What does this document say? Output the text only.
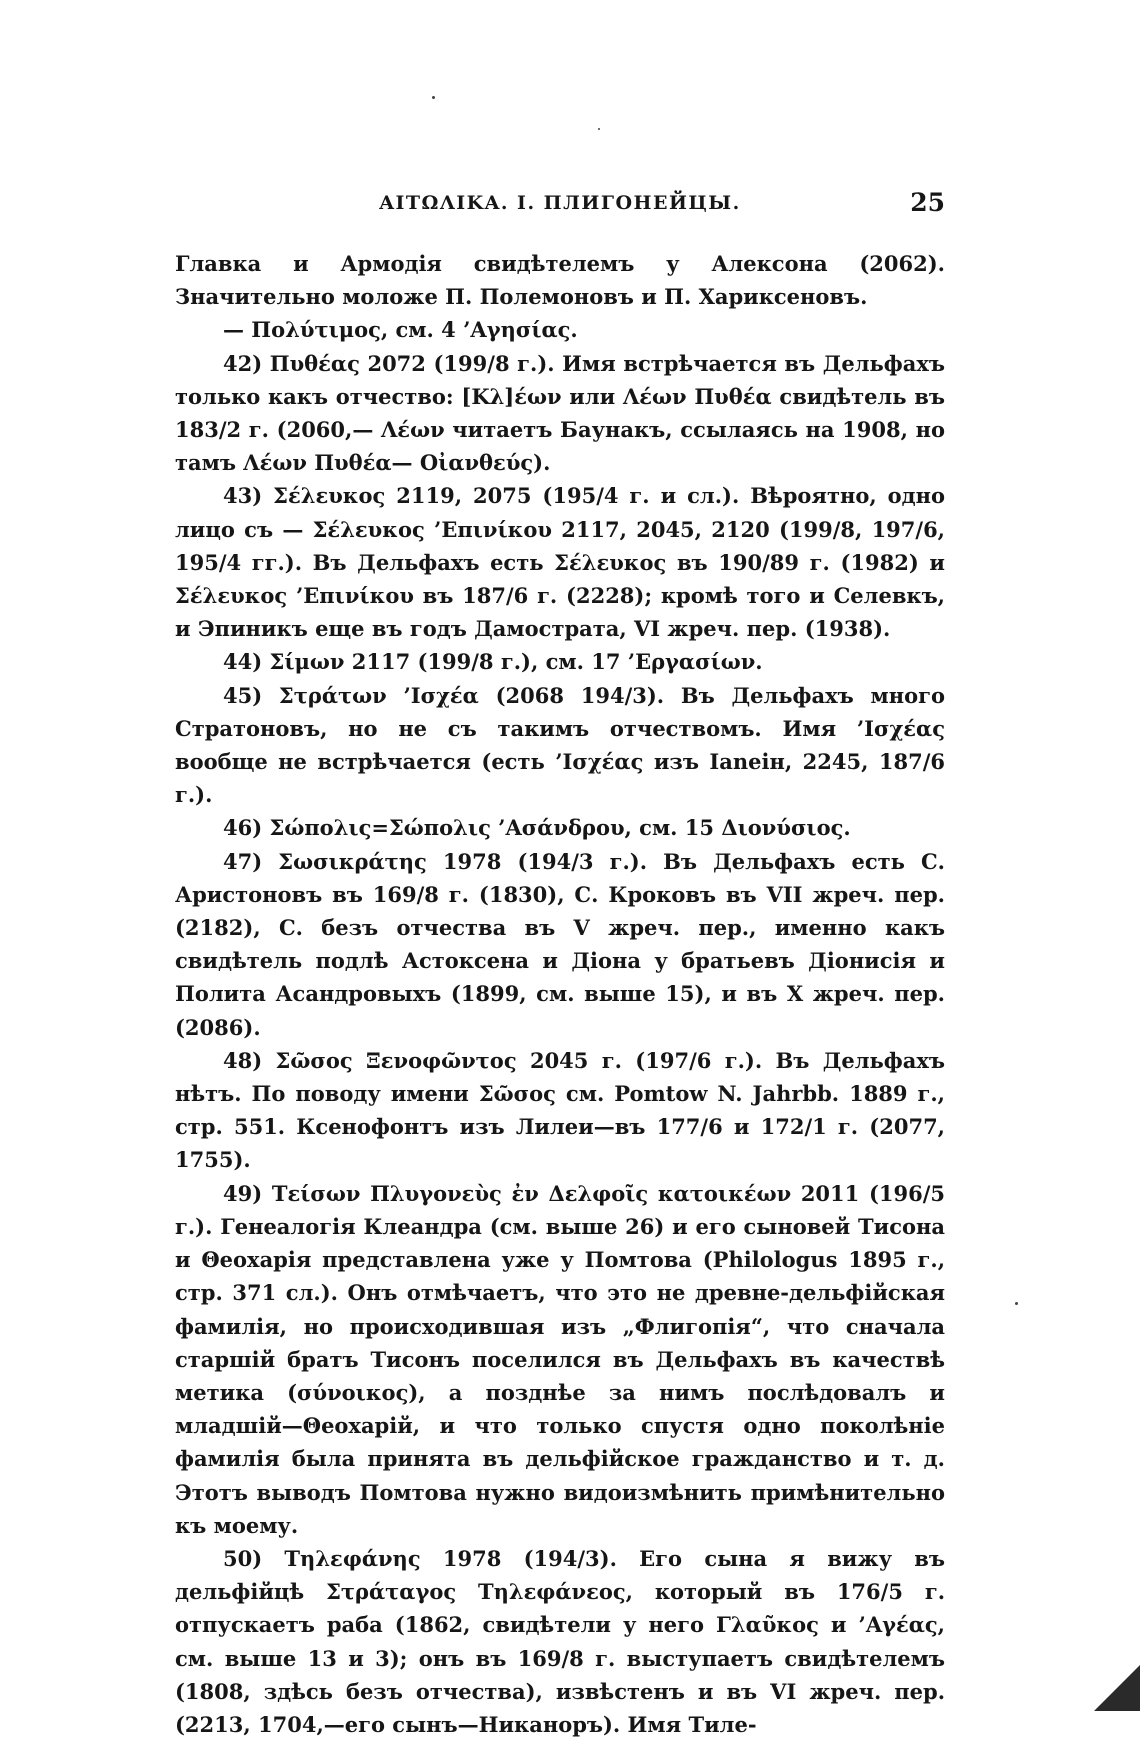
ΑΙΤΩΛΙΚΑ. I. ПЛИГОНЕЙЦЫ.	25

Главка и Армодія свидѣтелемъ у Алексона (2062). Значительно моложе П. Полемоновъ и П. Хариксеновъ.

— Πολύτιμος, см. 4 ’Αγησίας.

42) Πυθέας 2072 (199/8 г.). Имя встрѣчается въ Дельфахъ только какъ отчество: [Κλ]έων или Λέων Πυθέα свидѣтель въ 183/2 г. (2060,— Λέων читаетъ Баунакъ, ссылаясь на 1908, но тамъ Λέων Πυθέα— Οἰανθεύς).

43) Σέλευκος 2119, 2075 (195/4 г. и сл.). Вѣроятно, одно лицо съ — Σέλευκος ’Επινίκου 2117, 2045, 2120 (199/8, 197/6, 195/4 гг.). Въ Дельфахъ есть Σέλευκος въ 190/89 г. (1982) и Σέλευκος ’Επινίκου въ 187/6 г. (2228); кромѣ того и Селевкъ, и Эпиникъ еще въ годъ Дамострата, VI жреч. пер. (1938).

44) Σίμων 2117 (199/8 г.), см. 17 ’Εργασίων.

45) Στράτων ’Ισχέα (2068 194/3). Въ Дельфахъ много Стратоновъ, но не съ такимъ отчествомъ. Имя ’Ισχέας вообще не встрѣчается (есть ’Ισχέας изъ Ianeін, 2245, 187/6 г.).

46) Σώπολις=Σώπολις ’Ασάνδρου, см. 15 Διονύσιος.

47) Σωσικράτης 1978 (194/3 г.). Въ Дельфахъ есть С. Аристоновъ въ 169/8 г. (1830), С. Кроковъ въ VII жреч. пер. (2182), С. безъ отчества въ V жреч. пер., именно какъ свидѣтель подлѣ Астоксена и Діона у братьевъ Діонисія и Полита Асандровыхъ (1899, см. выше 15), и въ X жреч. пер. (2086).

48) Σῶσος Ξενοφῶντος 2045 г. (197/6 г.). Въ Дельфахъ нѣтъ. По поводу имени Σῶσος см. Pomtow N. Jahrbb. 1889 г., стр. 551. Ксенофонтъ изъ Лилеи—въ 177/6 и 172/1 г. (2077, 1755).

49) Τείσων Πλυγονεὺς ἐν Δελφοῖς κατοικέων 2011 (196/5 г.). Генеалогія Клеандра (см. выше 26) и его сыновей Тисона и Θеохарія представлена уже у Помтова (Philologus 1895 г., стр. 371 сл.). Онъ отмѣчаетъ, что это не древне-дельфійская фамилія, но происходившая изъ „Флигопія“, что сначала старшій братъ Тисонъ поселился въ Дельфахъ въ качествѣ метика (σύνοικος), а позднѣе за нимъ послѣдовалъ и младшій—Θеохарій, и что только спустя одно поколѣніе фамилія была принята въ дельфійское гражданство и т. д. Этотъ выводъ Помтова нужно видоизмѣнить примѣнительно къ моему.

50) Τηλεφάνης 1978 (194/3). Его сына я вижу въ дельфійцѣ Στράταγος Τηλεφάνεος, который въ 176/5 г. отпускаетъ раба (1862, свидѣтели у него Γλαῦκος и ’Αγέας, см. выше 13 и 3); онъ въ 169/8 г. выступаетъ свидѣтелемъ (1808, здѣсь безъ отчества), извѣстенъ и въ VI жреч. пер. (2213, 1704,—его сынъ—Никаноръ). Имя Тиле-
